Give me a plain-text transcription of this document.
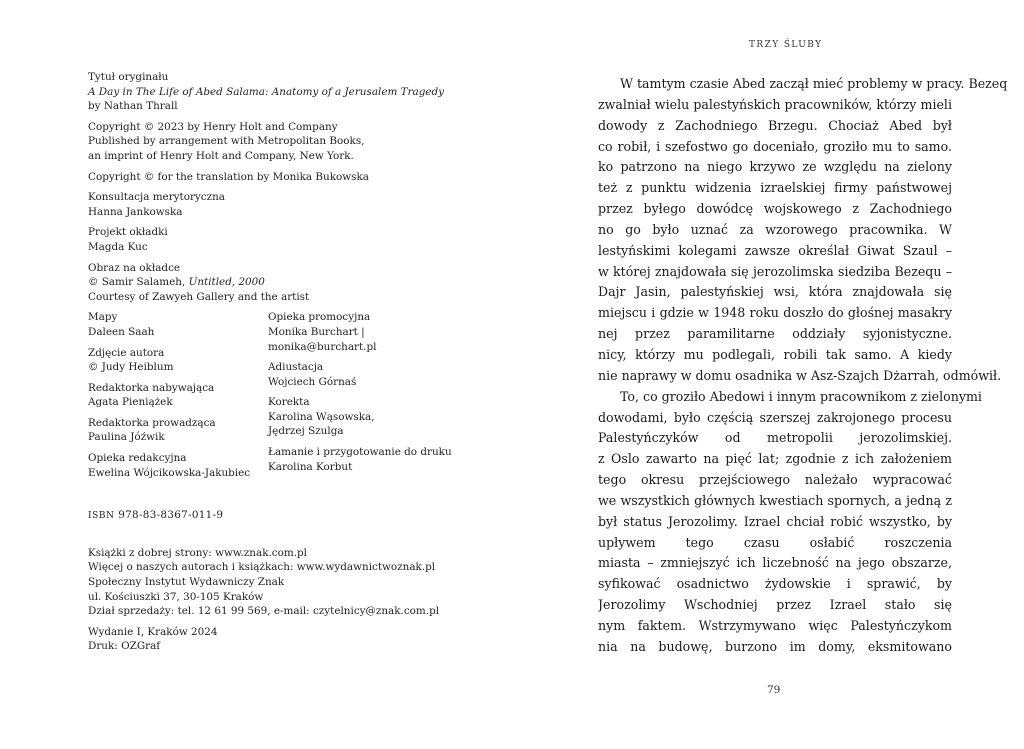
Tytuł oryginału
A Day in The Life of Abed Salama: Anatomy of a Jerusalem Tragedy
by Nathan Thrall
Copyright © 2023 by Henry Holt and Company
Published by arrangement with Metropolitan Books,
an imprint of Henry Holt and Company, New York.
Copyright © for the translation by Monika Bukowska
Konsultacja merytoryczna
Hanna Jankowska
Projekt okładki
Magda Kuc
Obraz na okładce
© Samir Salameh, Untitled, 2000
Courtesy of Zawyeh Gallery and the artist
Mapy
Daleen Saah
Zdjęcie autora
© Judy Heiblum
Redaktorka nabywająca
Agata Pieniążek
Redaktorka prowadząca
Paulina Jóźwik
Opieka redakcyjna
Ewelina Wójcikowska-Jakubiec
Opieka promocyjna
Monika Burchart |
monika@burchart.pl
Adiustacja
Wojciech Górnaś
Korekta
Karolina Wąsowska,
Jędrzej Szulga
Łamanie i przygotowanie do druku
Karolina Korbut
ISBN 978-83-8367-011-9
Książki z dobrej strony: www.znak.com.pl
Więcej o naszych autorach i książkach: www.wydawnictwoznak.pl
Społeczny Instytut Wydawniczy Znak
ul. Kościuszki 37, 30-105 Kraków
Dział sprzedaży: tel. 12 61 99 569, e-mail: czytelnicy@znak.com.pl
Wydanie I, Kraków 2024
Druk: OZGraf
TRZY ŚLUBY
W tamtym czasie Abed zaczął mieć problemy w pracy. Bezeq
zwalniał wielu palestyńskich pracowników, którzy mieli
dowody z Zachodniego Brzegu. Chociaż Abed był
co robił, i szefostwo go doceniało, groziło mu to samo.
ko patrzono na niego krzywo ze względu na zielony
też z punktu widzenia izraelskiej firmy państwowej
przez byłego dowódcę wojskowego z Zachodniego
no go było uznać za wzorowego pracownika. W
lestyńskimi kolegami zawsze określał Giwat Szaul –
w której znajdowała się jerozolimska siedziba Bezequ –
Dajr Jasin, palestyńskiej wsi, która znajdowała się
miejscu i gdzie w 1948 roku doszło do głośnej masakry
nej przez paramilitarne oddziały syjonistyczne.
nicy, którzy mu podlegali, robili tak samo. A kiedy
nie naprawy w domu osadnika w Asz-Szajch Dżarrah, odmówił.
To, co groziło Abedowi i innym pracownikom z zielonymi
dowodami, było częścią szerszej zakrojonego procesu
Palestyńczyków od metropolii jerozolimskiej.
z Oslo zawarto na pięć lat; zgodnie z ich założeniem
tego okresu przejściowego należało wypracować
we wszystkich głównych kwestiach spornych, a jedną z
był status Jerozolimy. Izrael chciał robić wszystko, by
upływem tego czasu osłabić roszczenia
miasta – zmniejszyć ich liczebność na jego obszarze,
syfikować osadnictwo żydowskie i sprawić, by
Jerozolimy Wschodniej przez Izrael stało się
nym faktem. Wstrzymywano więc Palestyńczykom
nia na budowę, burzono im domy, eksmitowano
79
